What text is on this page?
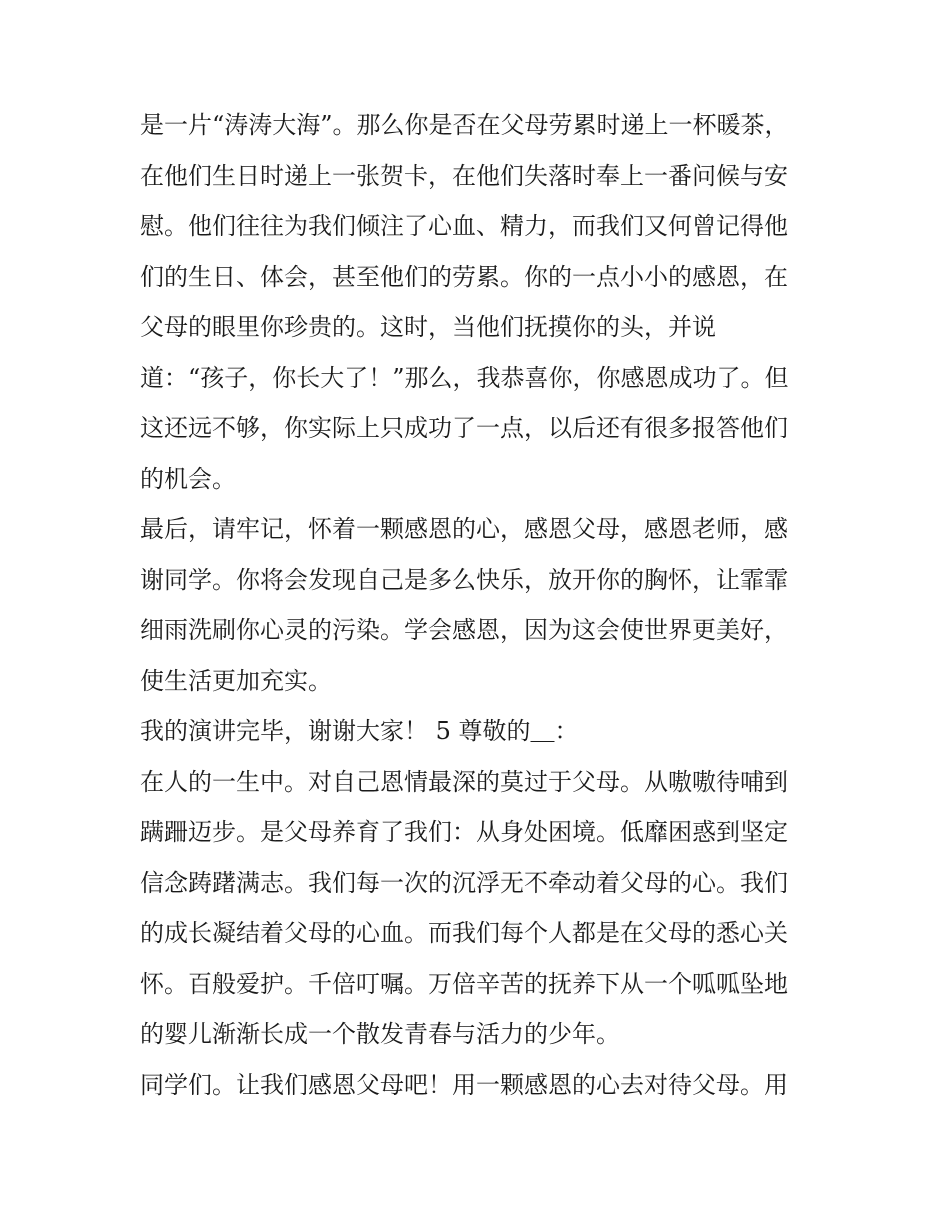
是一片“涛涛大海”。那么你是否在父母劳累时递上一杯暖茶，
在他们生日时递上一张贺卡，在他们失落时奉上一番问候与安
慰。他们往往为我们倾注了心血、精力，而我们又何曾记得他
们的生日、体会，甚至他们的劳累。你的一点小小的感恩，在
父母的眼里你珍贵的。这时，当他们抚摸你的头，并说
道：“孩子，你长大了！”那么，我恭喜你，你感恩成功了。但
这还远不够，你实际上只成功了一点，以后还有很多报答他们
的机会。

最后，请牢记，怀着一颗感恩的心，感恩父母，感恩老师，感
谢同学。你将会发现自己是多么快乐，放开你的胸怀，让霏霏
细雨洗刷你心灵的污染。学会感恩，因为这会使世界更美好，
使生活更加充实。

我的演讲完毕，谢谢大家！ 5 尊敬的＿：

在人的一生中。对自己恩情最深的莫过于父母。从嗷嗷待哺到
蹒跚迈步。是父母养育了我们：从身处困境。低靡困惑到坚定
信念踌躇满志。我们每一次的沉浮无不牵动着父母的心。我们
的成长凝结着父母的心血。而我们每个人都是在父母的悉心关
怀。百般爱护。千倍叮嘱。万倍辛苦的抚养下从一个呱呱坠地
的婴儿渐渐长成一个散发青春与活力的少年。

同学们。让我们感恩父母吧！用一颗感恩的心去对待父母。用
